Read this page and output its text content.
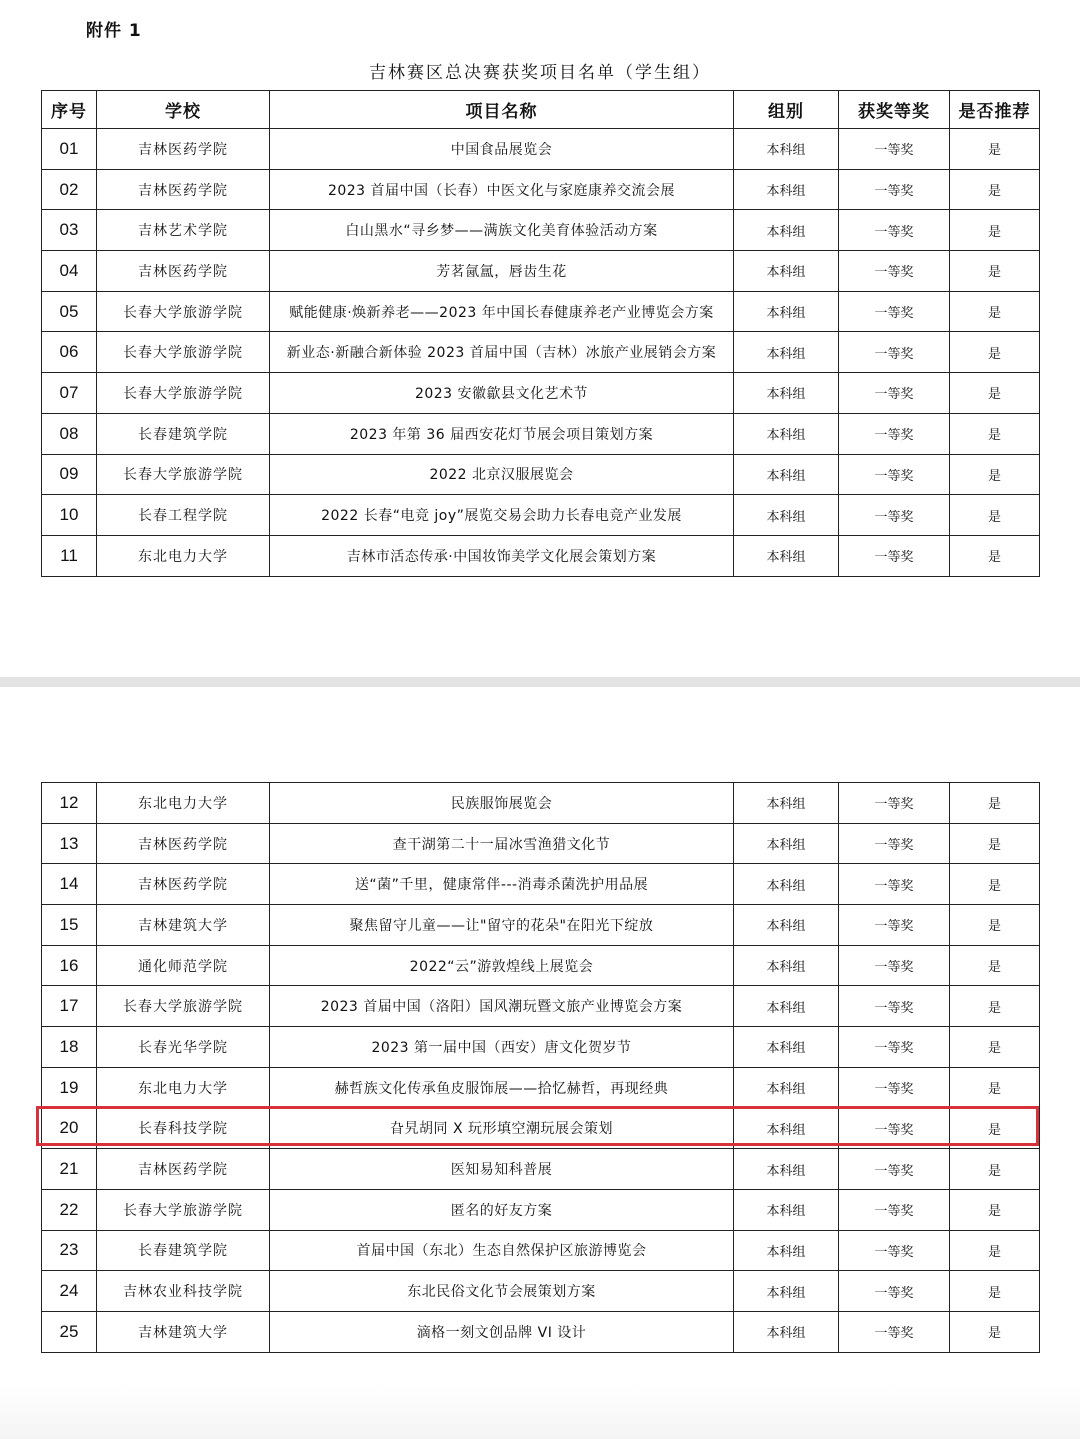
附件 1
吉林赛区总决赛获奖项目名单（学生组）
序号	学校	项目名称	组别	获奖等奖	是否推荐
01	吉林医药学院	中国食品展览会	本科组	一等奖	是
02	吉林医药学院	2023 首届中国（长春）中医文化与家庭康养交流会展	本科组	一等奖	是
03	吉林艺术学院	白山黑水“寻乡梦——满族文化美育体验活动方案	本科组	一等奖	是
04	吉林医药学院	芳茗氤氲，唇齿生花	本科组	一等奖	是
05	长春大学旅游学院	赋能健康·焕新养老——2023 年中国长春健康养老产业博览会方案	本科组	一等奖	是
06	长春大学旅游学院	新业态·新融合新体验 2023 首届中国（吉林）冰旅产业展销会方案	本科组	一等奖	是
07	长春大学旅游学院	2023 安徽歙县文化艺术节	本科组	一等奖	是
08	长春建筑学院	2023 年第 36 届西安花灯节展会项目策划方案	本科组	一等奖	是
09	长春大学旅游学院	2022 北京汉服展览会	本科组	一等奖	是
10	长春工程学院	2022 长春“电竞 joy”展览交易会助力长春电竞产业发展	本科组	一等奖	是
11	东北电力大学	吉林市活态传承·中国妆饰美学文化展会策划方案	本科组	一等奖	是
12	东北电力大学	民族服饰展览会	本科组	一等奖	是
13	吉林医药学院	查干湖第二十一届冰雪渔猎文化节	本科组	一等奖	是
14	吉林医药学院	送“菌”千里，健康常伴---消毒杀菌洗护用品展	本科组	一等奖	是
15	吉林建筑大学	聚焦留守儿童——让"留守的花朵"在阳光下绽放	本科组	一等奖	是
16	通化师范学院	2022“云”游敦煌线上展览会	本科组	一等奖	是
17	长春大学旅游学院	2023 首届中国（洛阳）国风潮玩暨文旅产业博览会方案	本科组	一等奖	是
18	长春光华学院	2023 第一届中国（西安）唐文化贺岁节	本科组	一等奖	是
19	东北电力大学	赫哲族文化传承鱼皮服饰展——拾忆赫哲，再现经典	本科组	一等奖	是
20	长春科技学院	旮旯胡同 X 玩形填空潮玩展会策划	本科组	一等奖	是
21	吉林医药学院	医知易知科普展	本科组	一等奖	是
22	长春大学旅游学院	匿名的好友方案	本科组	一等奖	是
23	长春建筑学院	首届中国（东北）生态自然保护区旅游博览会	本科组	一等奖	是
24	吉林农业科技学院	东北民俗文化节会展策划方案	本科组	一等奖	是
25	吉林建筑大学	滴格一刻文创品牌 VI 设计	本科组	一等奖	是
